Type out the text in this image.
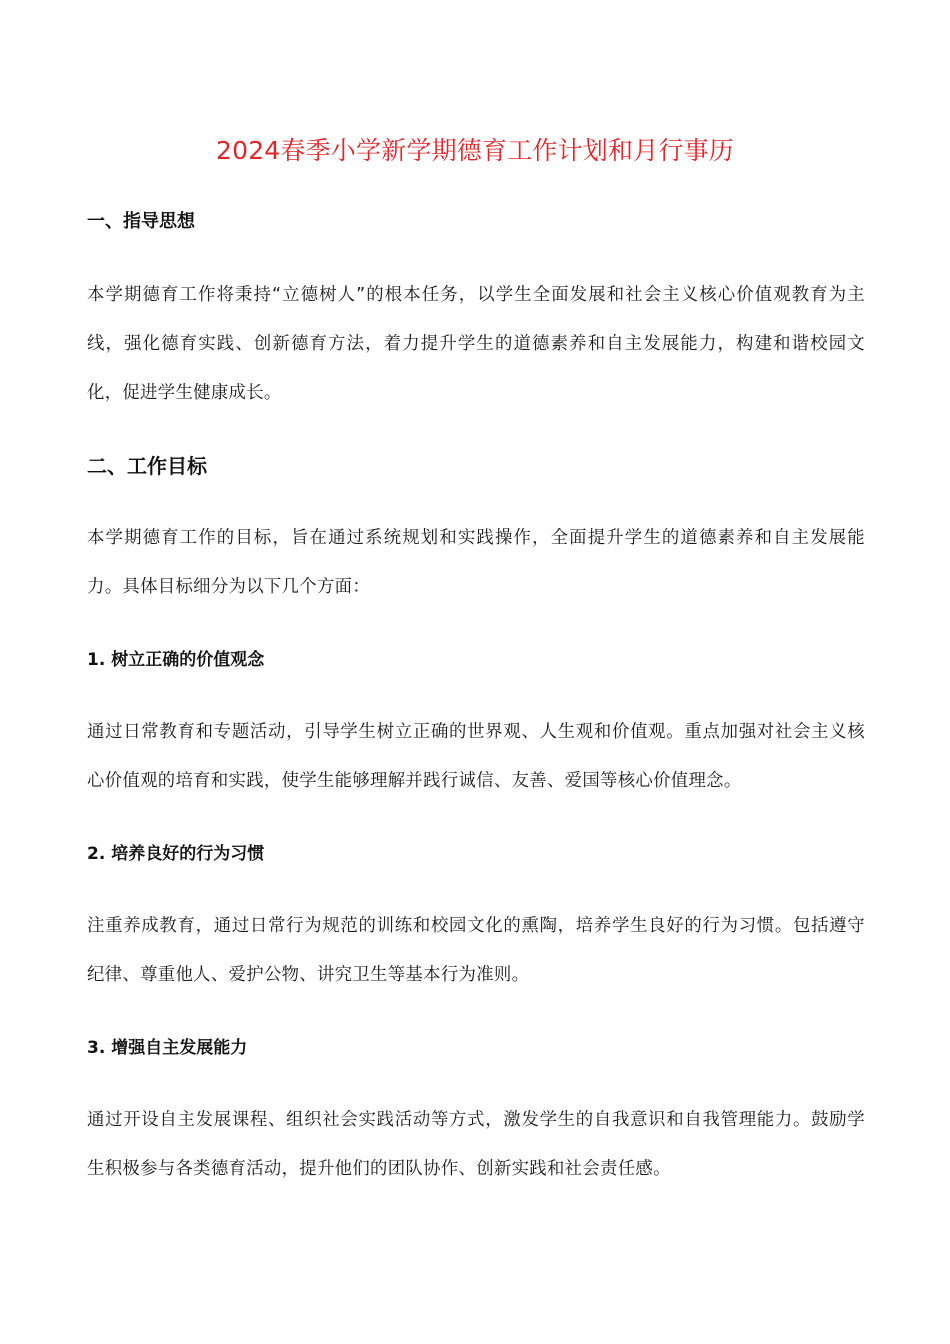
2024春季小学新学期德育工作计划和月行事历
一、指导思想
本学期德育工作将秉持“立德树人”的根本任务，以学生全面发展和社会主义核心价值观教育为主线，强化德育实践、创新德育方法，着力提升学生的道德素养和自主发展能力，构建和谐校园文化，促进学生健康成长。
二、工作目标
本学期德育工作的目标，旨在通过系统规划和实践操作，全面提升学生的道德素养和自主发展能力。具体目标细分为以下几个方面：
1. 树立正确的价值观念
通过日常教育和专题活动，引导学生树立正确的世界观、人生观和价值观。重点加强对社会主义核心价值观的培育和实践，使学生能够理解并践行诚信、友善、爱国等核心价值理念。
2. 培养良好的行为习惯
注重养成教育，通过日常行为规范的训练和校园文化的熏陶，培养学生良好的行为习惯。包括遵守纪律、尊重他人、爱护公物、讲究卫生等基本行为准则。
3. 增强自主发展能力
通过开设自主发展课程、组织社会实践活动等方式，激发学生的自我意识和自我管理能力。鼓励学生积极参与各类德育活动，提升他们的团队协作、创新实践和社会责任感。
